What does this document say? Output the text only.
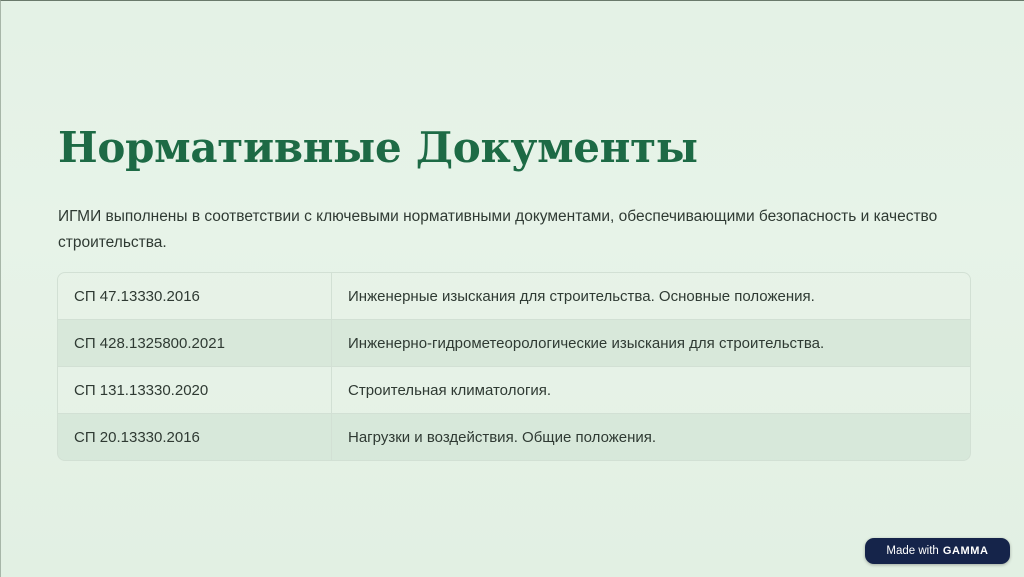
Нормативные Документы

ИГМИ выполнены в соответствии с ключевыми нормативными документами, обеспечивающими безопасность и качество строительства.

СП 47.13330.2016	Инженерные изыскания для строительства. Основные положения.
СП 428.1325800.2021	Инженерно-гидрометеорологические изыскания для строительства.
СП 131.13330.2020	Строительная климатология.
СП 20.13330.2016	Нагрузки и воздействия. Общие положения.
Made with GAMMA
